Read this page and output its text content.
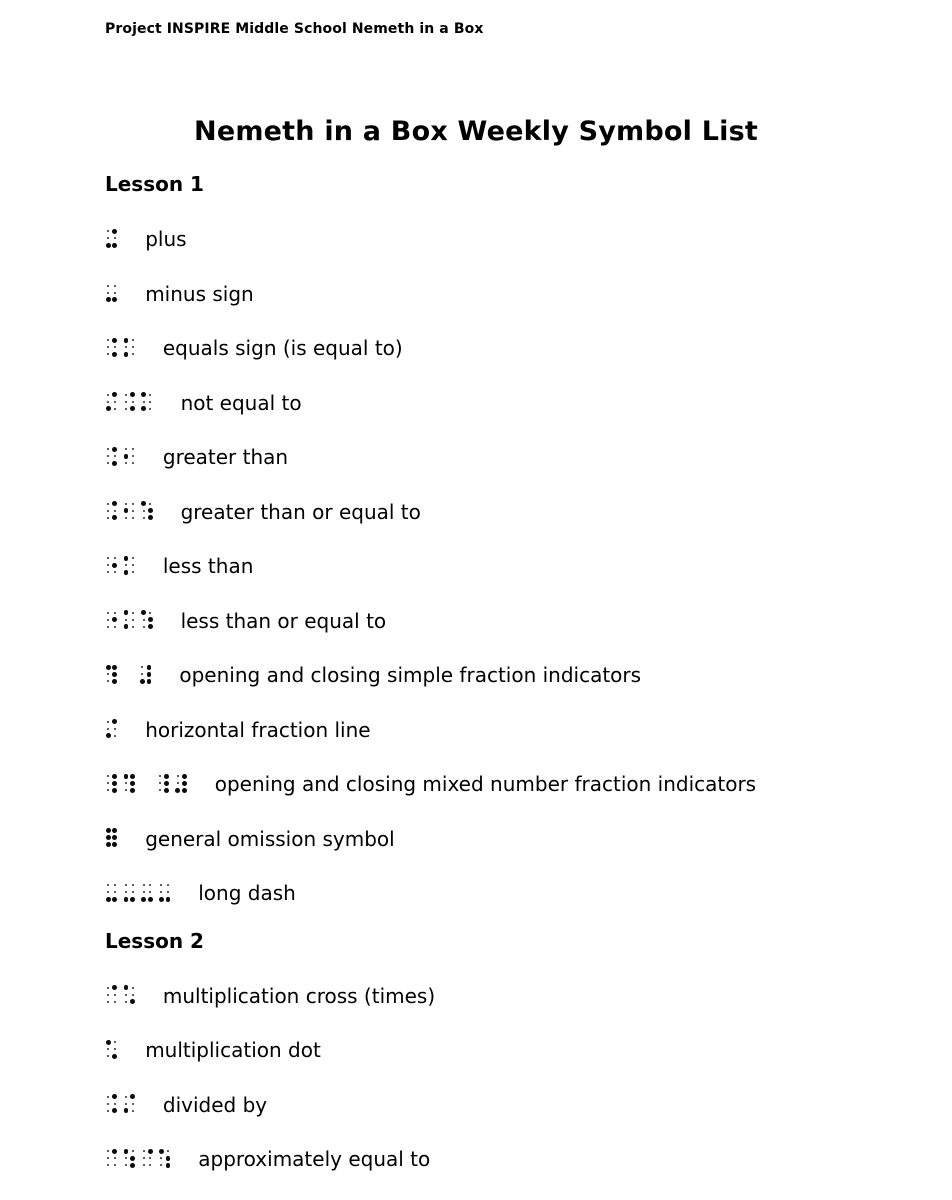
Project INSPIRE Middle School Nemeth in a Box
Nemeth in a Box Weekly Symbol List
Lesson 1
plus
minus sign
equals sign (is equal to)
not equal to
greater than
greater than or equal to
less than
less than or equal to
opening and closing simple fraction indicators
horizontal fraction line
opening and closing mixed number fraction indicators
general omission symbol
long dash
Lesson 2
multiplication cross (times)
multiplication dot
divided by
approximately equal to
